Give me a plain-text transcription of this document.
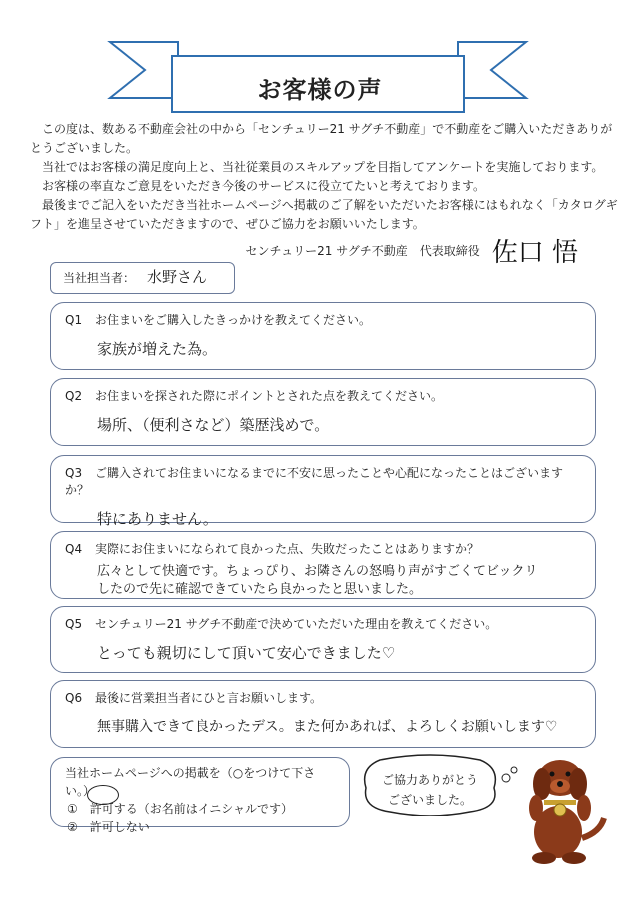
お客様の声

この度は、数ある不動産会社の中から「センチュリー21 サグチ不動産」で不動産をご購入いただきありがとうございました。

当社ではお客様の満足度向上と、当社従業員のスキルアップを目指してアンケートを実施しております。

お客様の率直なご意見をいただき今後のサービスに役立てたいと考えております。

最後までご記入をいただき当社ホームページへ掲載のご了解をいただいたお客様にはもれなく「カタログギフト」を進呈させていただきますので、ぜひご協力をお願いいたします。

センチュリー21 サグチ不動産　代表取締役 佐口 悟
当社担当者： 水野さん
Q1 お住まいをご購入したきっかけを教えてください。
家族が増えた為。
Q2 お住まいを探された際にポイントとされた点を教えてください。
場所、（便利さなど）築歴浅めで。
Q3 ご購入されてお住まいになるまでに不安に思ったことや心配になったことはございますか？
特にありません。
Q4 実際にお住まいになられて良かった点、失敗だったことはありますか？
広々として快適です。ちょっぴり、お隣さんの怒鳴り声がすごくてビックリ
したので先に確認できていたら良かったと思いました。
Q5 センチュリー21 サグチ不動産で決めていただいた理由を教えてください。
とっても親切にして頂いて安心できました♡
Q6 最後に営業担当者にひと言お願いします。
無事購入できて良かったデス。また何かあれば、よろしくお願いします♡
当社ホームページへの掲載を（○をつけて下さい。）
①　許可する（お名前はイニシャルです）
②　許可しない
ご協力ありがとう
ございました。
